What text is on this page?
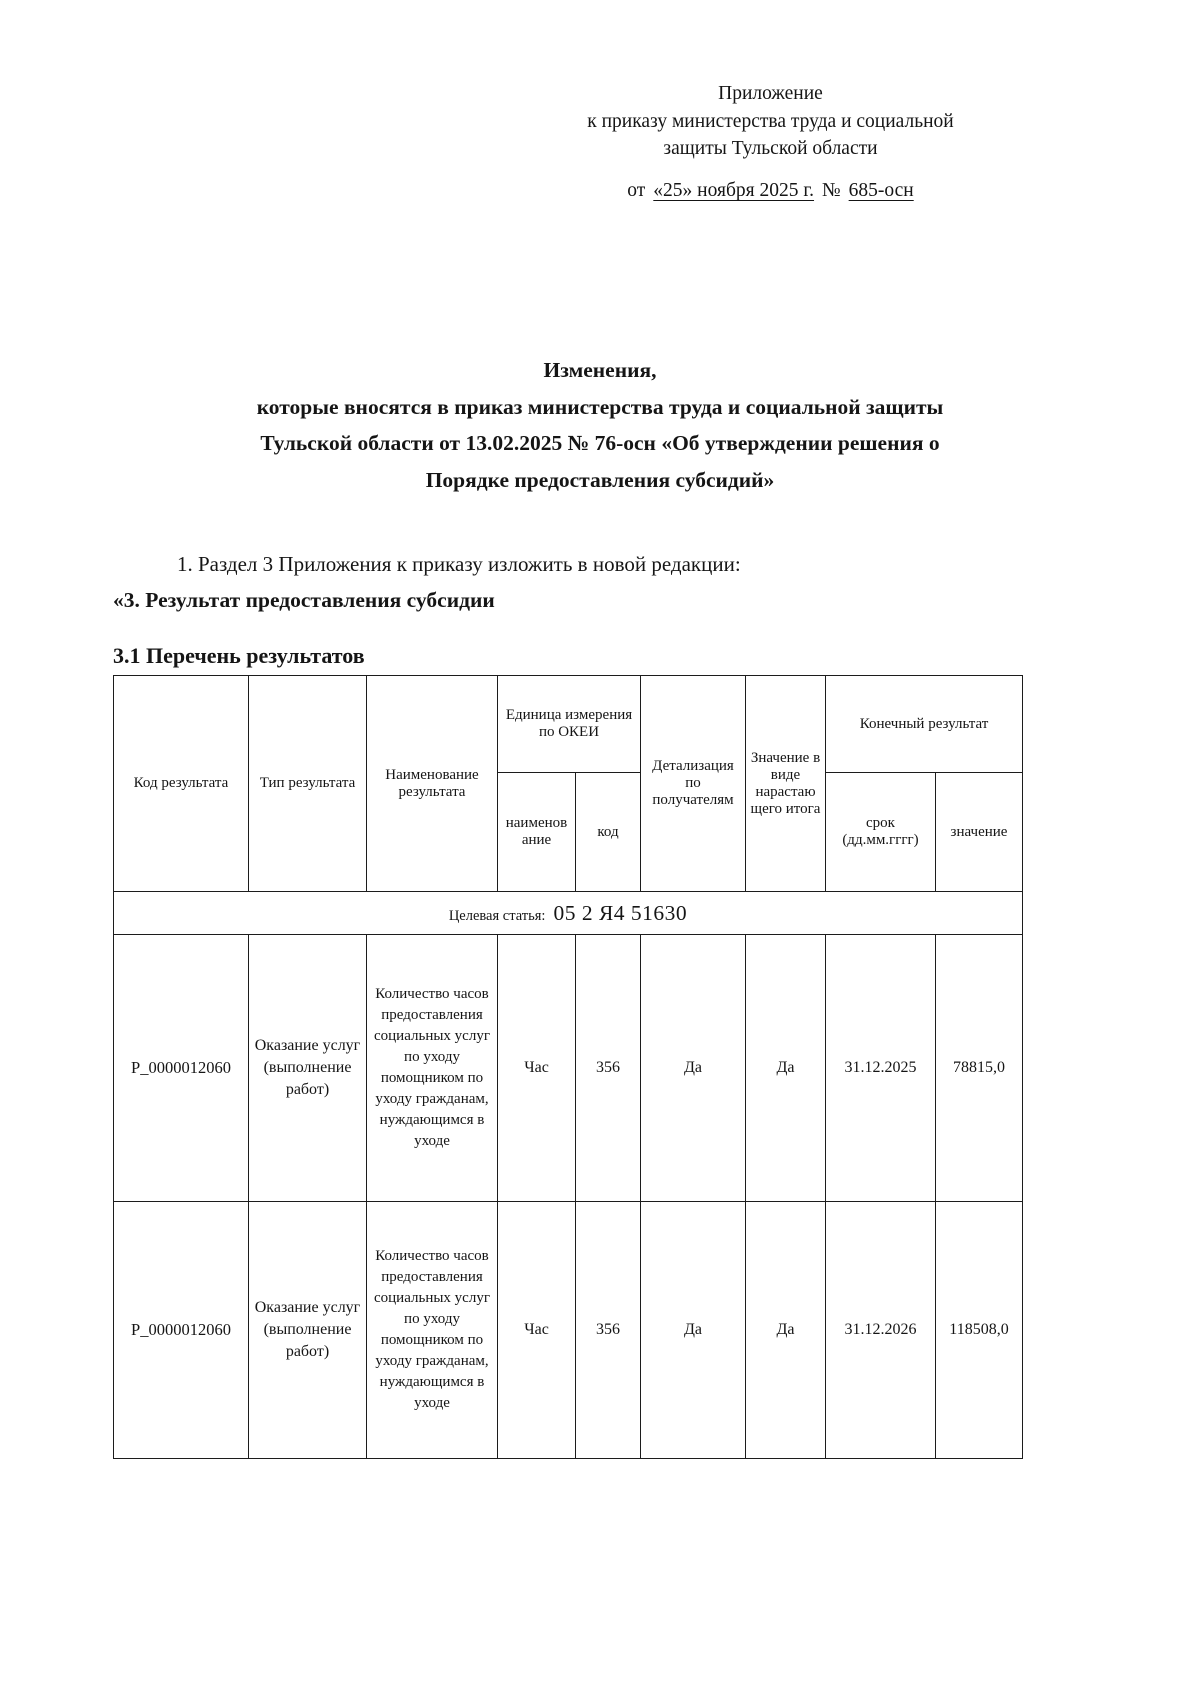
Приложение
к приказу министерства труда и социальной
защиты Тульской области
от «25» ноября 2025 г. № 685-осн
Изменения,
которые вносятся в приказ министерства труда и социальной защиты
Тульской области от 13.02.2025 № 76-осн «Об утверждении решения о
Порядке предоставления субсидий»
1. Раздел 3 Приложения к приказу изложить в новой редакции:
«3. Результат предоставления субсидии
3.1 Перечень результатов
Код результата	Тип результата	Наименование результата	Единица измерения по ОКЕИ		Детализация по получателям	Значение в виде нарастаю щего итога	Конечный результат	
			наименов ание	код			срок (дд.мм.гггг)	значение
Целевая статья: 05 2 Я4 51630								
Р_0000012060	Оказание услуг (выполнение работ)	Количество часов предоставления социальных услуг по уходу помощником по уходу гражданам, нуждающимся в уходе	Час	356	Да	Да	31.12.2025	78815,0
Р_0000012060	Оказание услуг (выполнение работ)	Количество часов предоставления социальных услуг по уходу помощником по уходу гражданам, нуждающимся в уходе	Час	356	Да	Да	31.12.2026	118508,0
